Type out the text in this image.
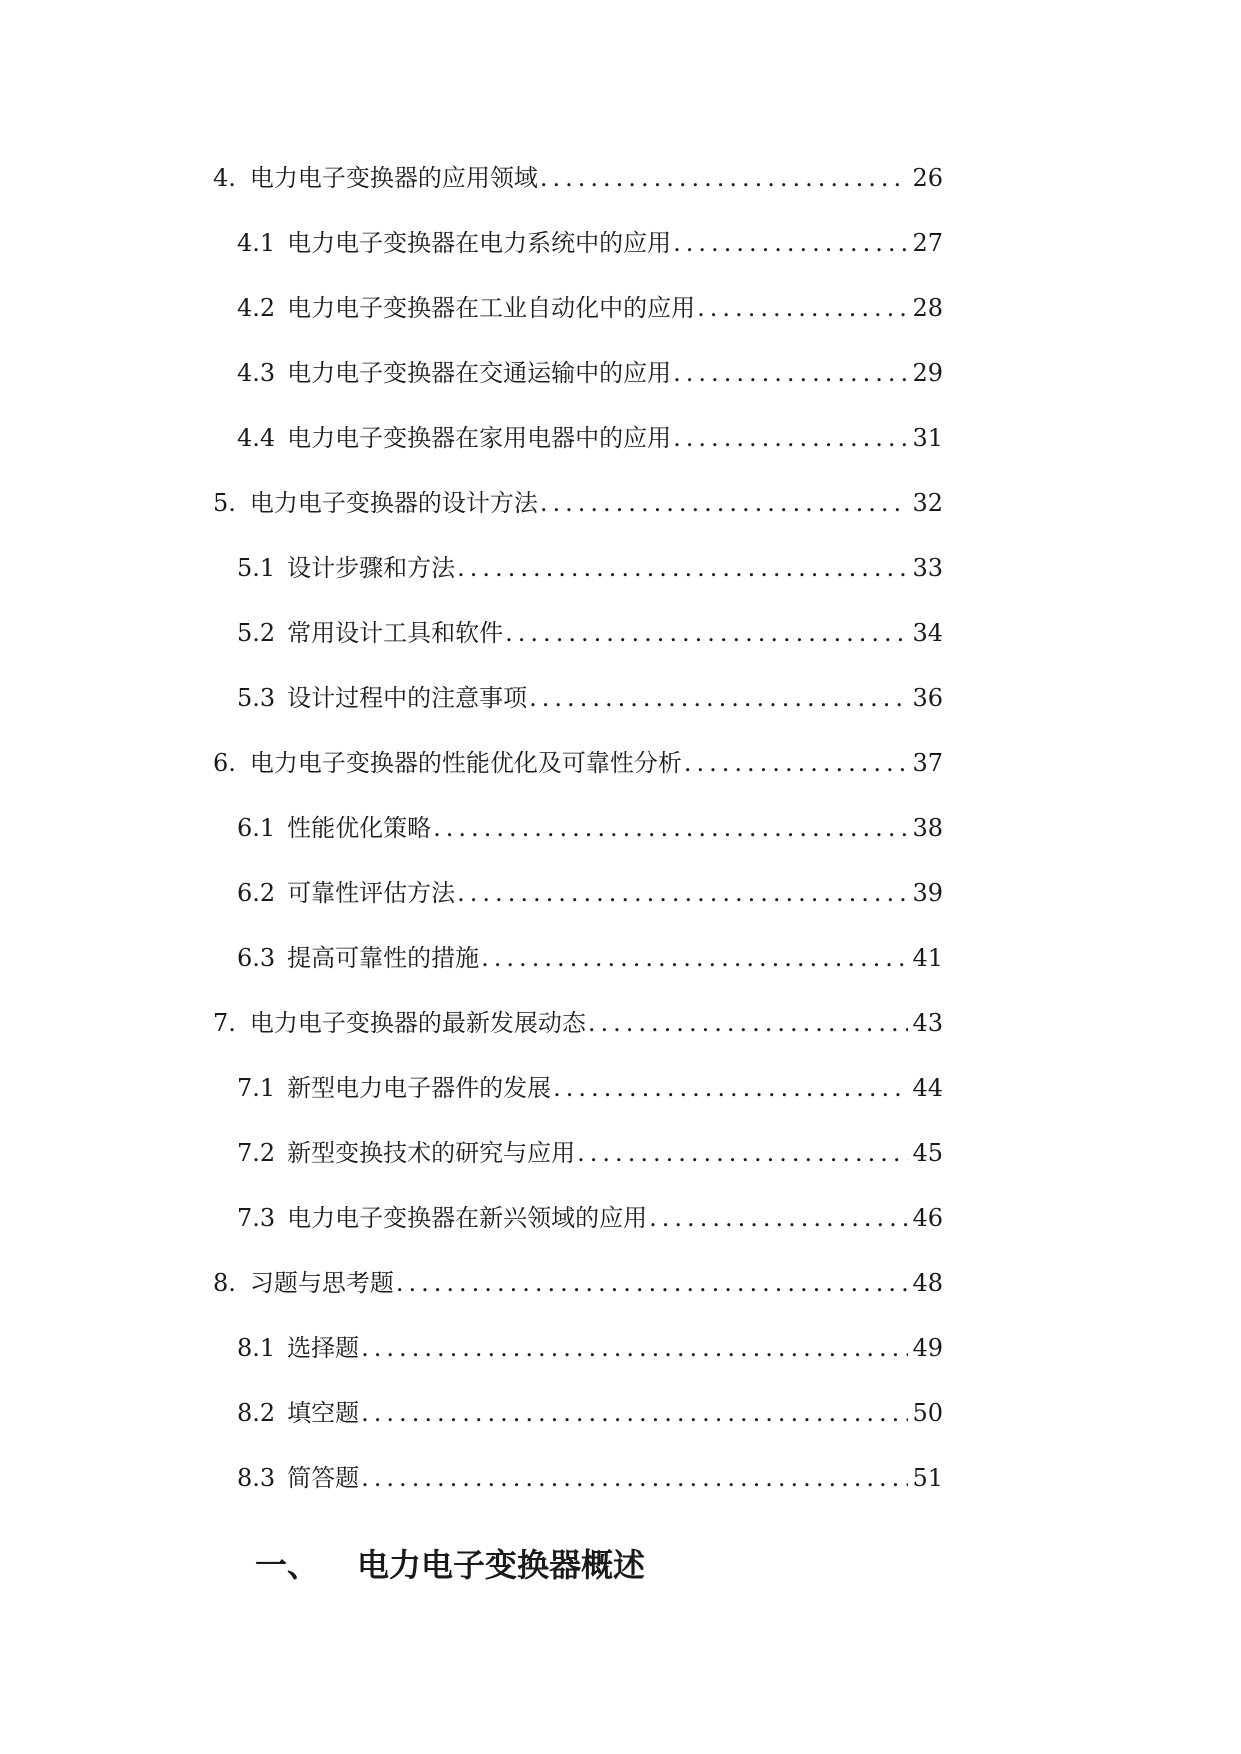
4. 电力电子变换器的应用领域 .....	26
4.1 电力电子变换器在电力系统中的应用 .....	27
4.2 电力电子变换器在工业自动化中的应用 .....	28
4.3 电力电子变换器在交通运输中的应用 .....	29
4.4 电力电子变换器在家用电器中的应用 .....	31
5. 电力电子变换器的设计方法 .....	32
5.1 设计步骤和方法 .....	33
5.2 常用设计工具和软件 .....	34
5.3 设计过程中的注意事项 .....	36
6. 电力电子变换器的性能优化及可靠性分析 .....	37
6.1 性能优化策略 .....	38
6.2 可靠性评估方法 .....	39
6.3 提高可靠性的措施 .....	41
7. 电力电子变换器的最新发展动态 .....	43
7.1 新型电力电子器件的发展 .....	44
7.2 新型变换技术的研究与应用 .....	45
7.3 电力电子变换器在新兴领域的应用 .....	46
8. 习题与思考题 .....	48
8.1 选择题 .....	49
8.2 填空题 .....	50
8.3 简答题 .....	51
一、 电力电子变换器概述
